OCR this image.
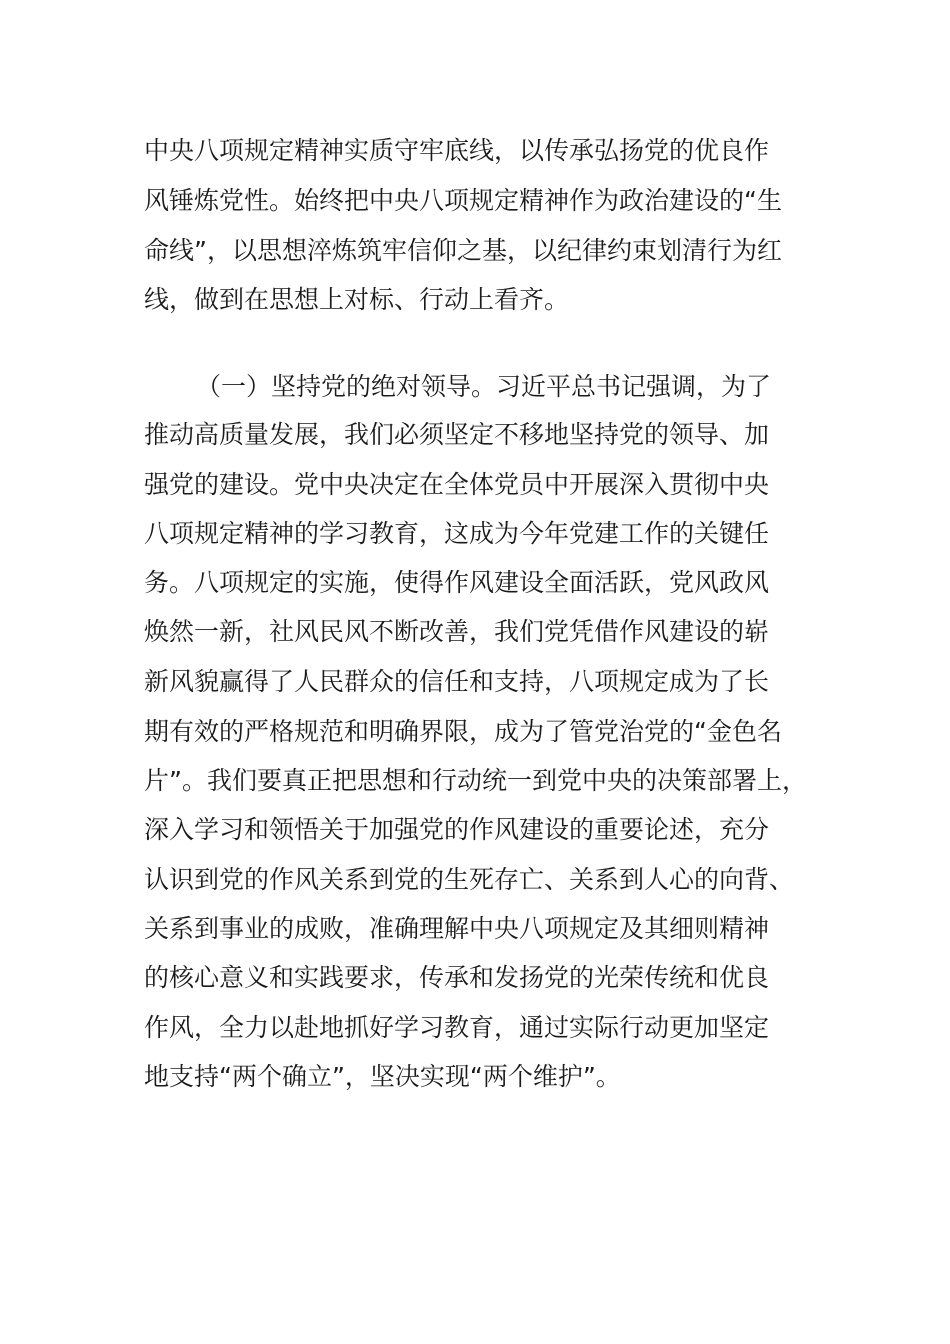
中央八项规定精神实质守牢底线，以传承弘扬党的优良作

风锤炼党性。始终把中央八项规定精神作为政治建设的“生

命线”，以思想淬炼筑牢信仰之基，以纪律约束划清行为红

线，做到在思想上对标、行动上看齐。

（一）坚持党的绝对领导。习近平总书记强调，为了

推动高质量发展，我们必须坚定不移地坚持党的领导、加

强党的建设。党中央决定在全体党员中开展深入贯彻中央

八项规定精神的学习教育，这成为今年党建工作的关键任

务。八项规定的实施，使得作风建设全面活跃，党风政风

焕然一新，社风民风不断改善，我们党凭借作风建设的崭

新风貌赢得了人民群众的信任和支持，八项规定成为了长

期有效的严格规范和明确界限，成为了管党治党的“金色名

片”。我们要真正把思想和行动统一到党中央的决策部署上，

深入学习和领悟关于加强党的作风建设的重要论述，充分

认识到党的作风关系到党的生死存亡、关系到人心的向背、

关系到事业的成败，准确理解中央八项规定及其细则精神

的核心意义和实践要求，传承和发扬党的光荣传统和优良

作风，全力以赴地抓好学习教育，通过实际行动更加坚定

地支持“两个确立”，坚决实现“两个维护”。
